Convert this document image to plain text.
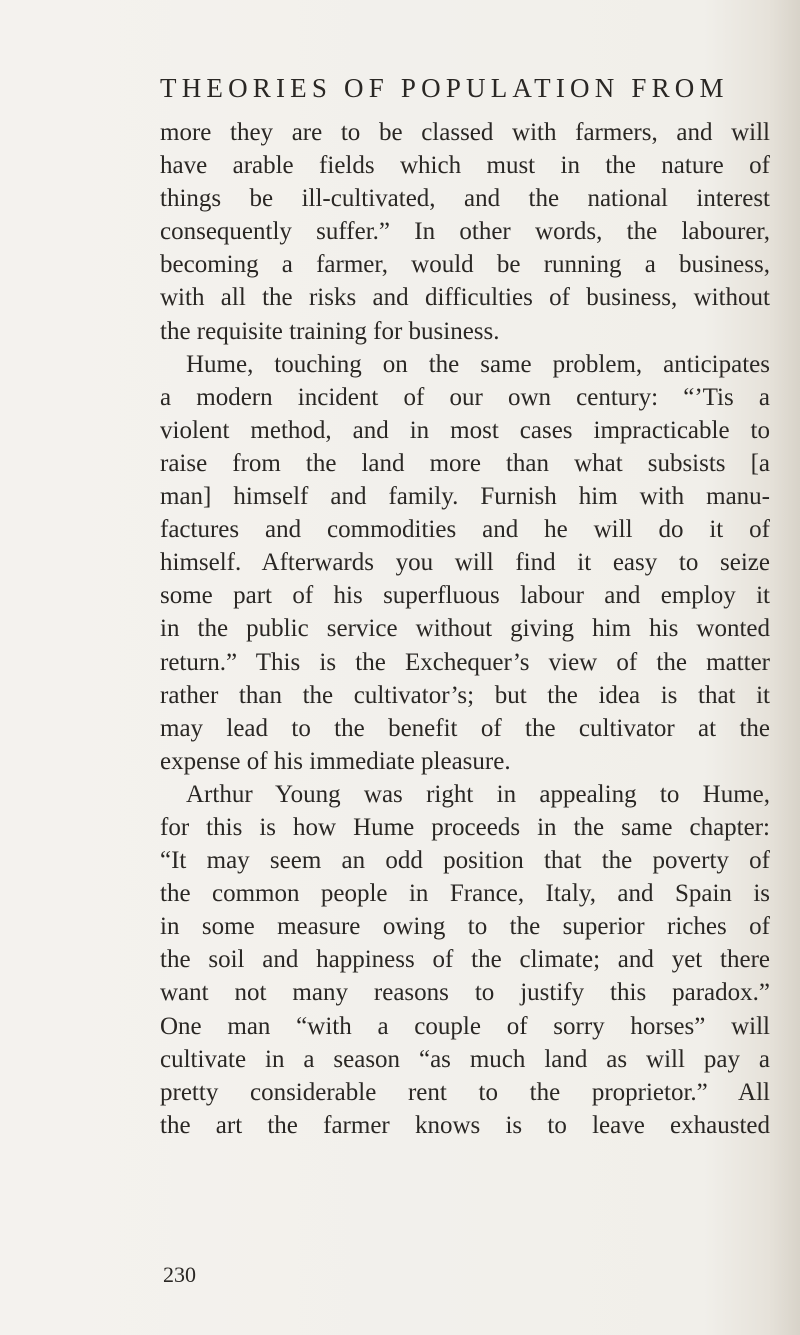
THEORIES OF POPULATION FROM
more they are to be classed with farmers, and will
have arable fields which must in the nature of
things be ill-cultivated, and the national interest
consequently suffer.” In other words, the labourer,
becoming a farmer, would be running a business,
with all the risks and difficulties of business, without
the requisite training for business.
Hume, touching on the same problem, anticipates
a modern incident of our own century: “’Tis a
violent method, and in most cases impracticable to
raise from the land more than what subsists [a
man] himself and family. Furnish him with manu-
factures and commodities and he will do it of
himself. Afterwards you will find it easy to seize
some part of his superfluous labour and employ it
in the public service without giving him his wonted
return.” This is the Exchequer’s view of the matter
rather than the cultivator’s; but the idea is that it
may lead to the benefit of the cultivator at the
expense of his immediate pleasure.
Arthur Young was right in appealing to Hume,
for this is how Hume proceeds in the same chapter:
“It may seem an odd position that the poverty of
the common people in France, Italy, and Spain is
in some measure owing to the superior riches of
the soil and happiness of the climate; and yet there
want not many reasons to justify this paradox.”
One man “with a couple of sorry horses” will
cultivate in a season “as much land as will pay a
pretty considerable rent to the proprietor.” All
the art the farmer knows is to leave exhausted
230
